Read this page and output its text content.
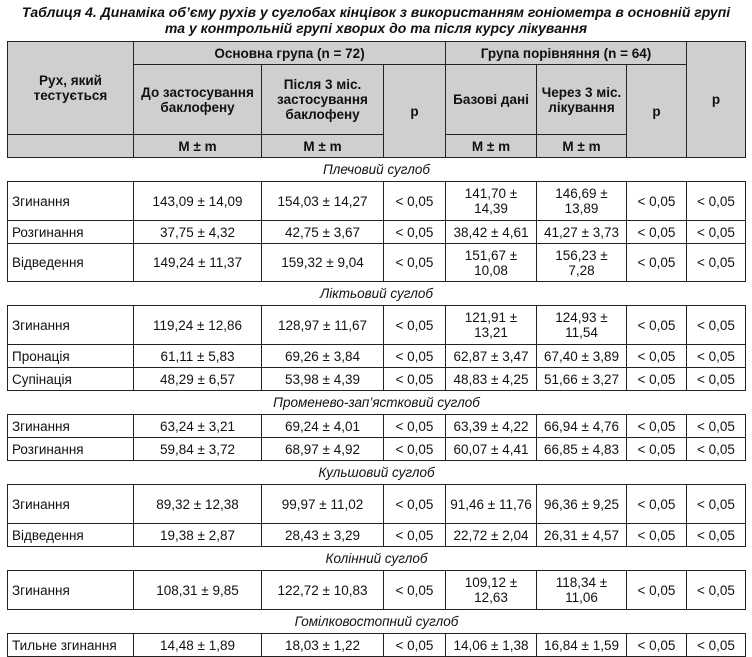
Таблиця 4. Динаміка об’єму рухів у суглобах кінцівок з використанням гоніометра в основній групі
та у контрольній групі хворих до та після курсу лікування
Рух, який тестується	Основна група (n = 72)			Група порівняння (n = 64)			p
	До застосування баклофену	Після 3 міс. застосування баклофену	p	Базові дані	Через 3 міс. лікування	p	
	M ± m	M ± m		M ± m	M ± m		
Плечовий суглоб							
Згинання	143,09 ± 14,09	154,03 ± 14,27	< 0,05	141,70 ± 14,39	146,69 ± 13,89	< 0,05	< 0,05
Розгинання	37,75 ± 4,32	42,75 ± 3,67	< 0,05	38,42 ± 4,61	41,27 ± 3,73	< 0,05	< 0,05
Відведення	149,24 ± 11,37	159,32 ± 9,04	< 0,05	151,67 ± 10,08	156,23 ± 7,28	< 0,05	< 0,05
Ліктьовий суглоб							
Згинання	119,24 ± 12,86	128,97 ± 11,67	< 0,05	121,91 ± 13,21	124,93 ± 11,54	< 0,05	< 0,05
Пронація	61,11 ± 5,83	69,26 ± 3,84	< 0,05	62,87 ± 3,47	67,40 ± 3,89	< 0,05	< 0,05
Супінація	48,29 ± 6,57	53,98 ± 4,39	< 0,05	48,83 ± 4,25	51,66 ± 3,27	< 0,05	< 0,05
Променево-зап’ястковий суглоб							
Згинання	63,24 ± 3,21	69,24 ± 4,01	< 0,05	63,39 ± 4,22	66,94 ± 4,76	< 0,05	< 0,05
Розгинання	59,84 ± 3,72	68,97 ± 4,92	< 0,05	60,07 ± 4,41	66,85 ± 4,83	< 0,05	< 0,05
Кульшовий суглоб							
Згинання	89,32 ± 12,38	99,97 ± 11,02	< 0,05	91,46 ± 11,76	96,36 ± 9,25	< 0,05	< 0,05
Відведення	19,38 ± 2,87	28,43 ± 3,29	< 0,05	22,72 ± 2,04	26,31 ± 4,57	< 0,05	< 0,05
Колінний суглоб							
Згинання	108,31 ± 9,85	122,72 ± 10,83	< 0,05	109,12 ± 12,63	118,34 ± 11,06	< 0,05	< 0,05
Гомілковостопний суглоб							
Тильне згинання	14,48 ± 1,89	18,03 ± 1,22	< 0,05	14,06 ± 1,38	16,84 ± 1,59	< 0,05	< 0,05
